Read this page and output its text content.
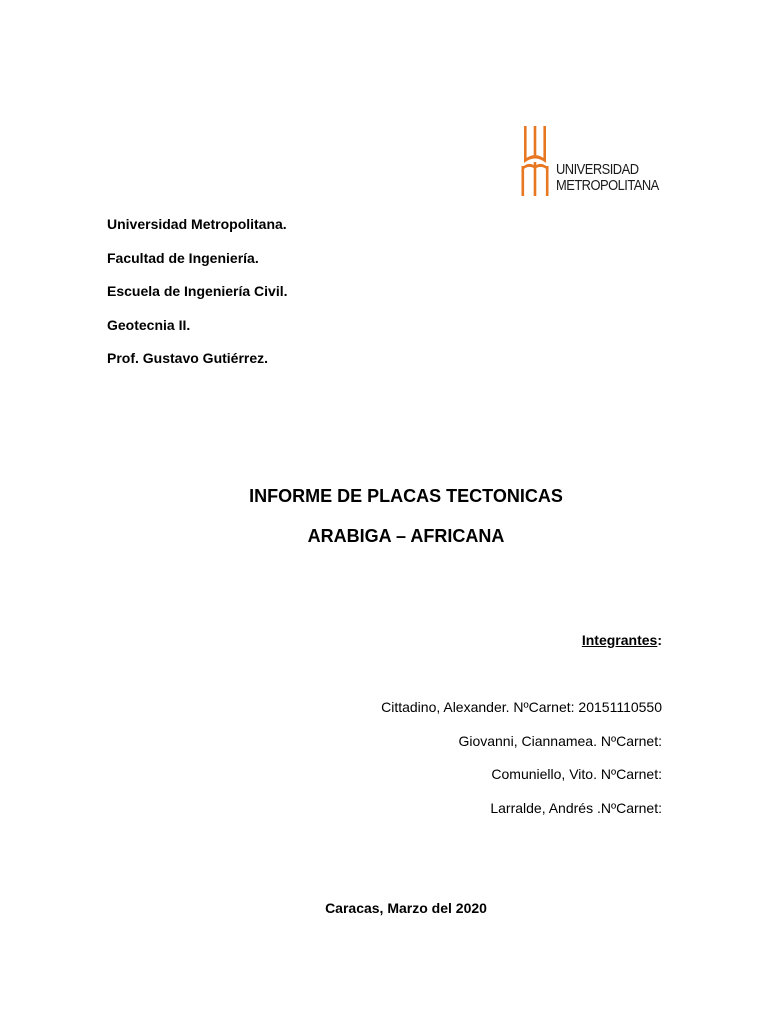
UNIVERSIDAD
METROPOLITANA
Universidad Metropolitana.
Facultad de Ingeniería.
Escuela de Ingeniería Civil.
Geotecnia II.
Prof. Gustavo Gutiérrez.
INFORME DE PLACAS TECTONICAS
ARABIGA – AFRICANA
Integrantes:
Cittadino, Alexander. NºCarnet: 20151110550
Giovanni, Ciannamea. NºCarnet:
Comuniello, Vito. NºCarnet:
Larralde, Andrés .NºCarnet:
Caracas, Marzo del 2020
